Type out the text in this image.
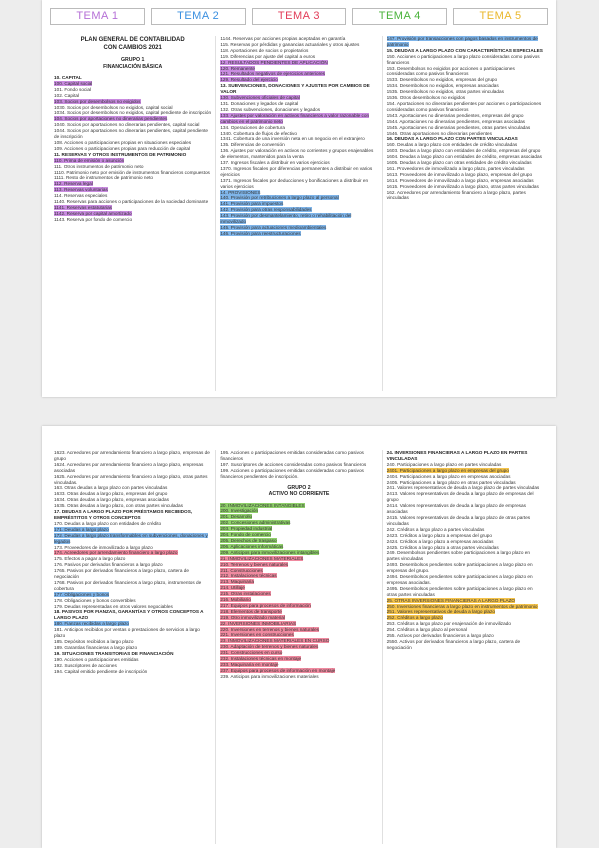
TEMA 1	TEMA 2	TEMA 3	TEMA 4	TEMA 5
PLAN GENERAL DE CONTABILIDAD
CON CAMBIOS 2021
GRUPO 1
FINANCIACIÓN BÁSICA
10. CAPITAL
100. Capital social
101. Fondo social
102. Capital
103. Socios por desembolsos no exigidos
1030. Socios por desembolsos no exigidos, capital social
1034. Socios por desembolsos no exigidos, capital pendiente de inscripción
104. Socios por aportaciones no dinerarias pendientes
1040. Socios por aportaciones no dinerarias pendientes, capital social
1044. Socios por aportaciones no dinerarias pendientes, capital pendiente de inscripción
108. Acciones o participaciones propias en situaciones especiales
109. Acciones o participaciones propias para reducción de capital
11. RESERVAS Y OTROS INSTRUMENTOS DE PATRIMONIO
110. Prima de emisión o asunción
111. Otros instrumentos de patrimonio neto
1110. Patrimonio neto por emisión de instrumentos financieros compuestos
1111. Resto de instrumentos de patrimonio neto
112. Reserva legal
113. Reservas voluntarias
114. Reservas especiales
1140. Reservas para acciones o participaciones de la sociedad dominante
1141. Reservas estatutarias
1142. Reserva por capital amortizado
1143. Reserva por fondo de comercio
1144. Reservas por acciones propias aceptadas en garantía
115. Reservas por pérdidas y ganancias actuariales y otros ajustes
118. Aportaciones de socios o propietarios
119. Diferencias por ajuste del capital a euros
12. RESULTADOS PENDIENTES DE APLICACIÓN
120. Remanente
121. Resultados negativos de ejercicios anteriores
129. Resultado del ejercicio
13. SUBVENCIONES, DONACIONES Y AJUSTES POR CAMBIOS DE VALOR
130. Subvenciones oficiales de capital
131. Donaciones y legados de capital
132. Otras subvenciones, donaciones y legados
133. Ajustes por valoración en activos financieros a valor razonable con cambios en el patrimonio neto
134. Operaciones de cobertura
1340. Cobertura de flujos de efectivo
1341. Cobertura de una inversión neta en un negocio en el extranjero
135. Diferencias de conversión
136. Ajustes por valoración en activos no corrientes y grupos enajenables de elementos, mantenidos para la venta
137. Ingresos fiscales a distribuir en varios ejercicios
1370. Ingresos fiscales por diferencias permanentes a distribuir en varios ejercicios
1371. Ingresos fiscales por deducciones y bonificaciones a distribuir en varios ejercicios
14. PROVISIONES
140. Provisión por retribuciones a largo plazo al personal
141. Provisión para impuestos
142. Provisión para otras responsabilidades
143. Provisión por desmantelamiento, retiro o rehabilitación del inmovilizado
145. Provisión para actuaciones medioambientales
146. Provisión para reestructuraciones
147. Provisión por transacciones con pagos basados en instrumentos de patrimonio
15. DEUDAS A LARGO PLAZO CON CARACTERÍSTICAS ESPECIALES
150. Acciones o participaciones a largo plazo consideradas como pasivos financieros
153. Desembolsos no exigidos por acciones o participaciones consideradas como pasivos financieros
1533. Desembolsos no exigidos, empresas del grupo
1534. Desembolsos no exigidos, empresas asociadas
1535. Desembolsos no exigidos, otras partes vinculadas
1536. Otros desembolsos no exigidos
154. Aportaciones no dinerarias pendientes por acciones o participaciones consideradas como pasivos financieros
1543. Aportaciones no dinerarias pendientes, empresas del grupo
1544. Aportaciones no dinerarias pendientes, empresas asociadas
1545. Aportaciones no dinerarias pendientes, otras partes vinculadas
1546. Otras aportaciones no dinerarias pendientes
16. DEUDAS A LARGO PLAZO CON PARTES VINCULADAS
160. Deudas a largo plazo con entidades de crédito vinculadas
1603. Deudas a largo plazo con entidades de crédito, empresas del grupo
1604. Deudas a largo plazo con entidades de crédito, empresas asociadas
1605. Deudas a largo plazo con otras entidades de crédito vinculadas
161. Proveedores de inmovilizado a largo plazo, partes vinculadas
1613. Proveedores de inmovilizado a largo plazo, empresas del grupo
1614. Proveedores de inmovilizado a largo plazo, empresas asociadas
1615. Proveedores de inmovilizado a largo plazo, otras partes vinculadas
162. Acreedores por arrendamiento financiero a largo plazo, partes vinculadas
1623. Acreedores por arrendamiento financiero a largo plazo, empresas de grupo
1624. Acreedores por arrendamiento financiero a largo plazo, empresas asociadas
1625. Acreedores por arrendamiento financiero a largo plazo, otras partes vinculadas.
163. Otras deudas a largo plazo con partes vinculadas
1633. Otras deudas a largo plazo, empresas del grupo
1634. Otras deudas a largo plazo, empresas asociadas
1635. Otras deudas a largo plazo, con otras partes vinculadas
17. DEUDAS A LARGO PLAZO POR PRÉSTAMOS RECIBIDOS, EMPRÉSTITOS Y OTROS CONCEPTOS
170. Deudas a largo plazo con entidades de crédito
171. Deudas a largo plazo
172. Deudas a largo plazo transformables en subvenciones, donaciones y legados
173. Proveedores de inmovilizado a largo plazo
174. Acreedores por arrendamiento financiero a largo plazo
175. Efectos a pagar a largo plazo
176. Pasivos por derivados financieros a largo plazo
1765. Pasivos por derivados financieros a largo plazo, cartera de negociación
1768. Pasivos por derivados financieros a largo plazo, instrumentos de cobertura
177. Obligaciones y bonos
178. Obligaciones y bonos convertibles
179. Deudas representadas en otros valores negociables
18. PASIVOS POR FIANZAS, GARANTÍAS Y OTROS CONCEPTOS A LARGO PLAZO
180. Fianzas recibidas a largo plazo
181. Anticipos recibidos por ventas o prestaciones de servicios a largo plazo
185. Depósitos recibidos a largo plazo
189. Garantías financieras a largo plazo
19. SITUACIONES TRANSITORIAS DE FINANCIACIÓN
190. Acciones o participaciones emitidas
192. Suscriptores de acciones
194. Capital emitido pendiente de inscripción
195. Acciones o participaciones emitidas consideradas como pasivos financieros
197. Suscriptores de acciones consideradas como pasivos financieros
199. Acciones o participaciones emitidas consideradas como pasivos financieros pendientes de inscripción.
GRUPO 2
ACTIVO NO CORRIENTE
20. INMOVILIZACIONES INTANGIBLES
200. Investigación
201. Desarrollo
202. Concesiones administrativas
203. Propiedad industrial
204. Fondo de comercio
205. Derechos de traspaso
206. Aplicaciones informáticas
209. Anticipos para inmovilizaciones intangibles
21. INMOVILIZACIONES MATERIALES
210. Terrenos y bienes naturales
211. Construcciones
212. Instalaciones técnicas
213. Maquinaria
214. Utillaje
215. Otras instalaciones
216. Mobiliario
217. Equipos para procesos de información
218. Elementos de transporte
219. Otro inmovilizado material
22. INVERSIONES INMOBILIARIAS
220. Inversiones en terrenos y bienes naturales
221. Inversiones en construcciones
23. INMOVILIZACIONES MATERIALES EN CURSO
230. Adaptación de terrenos y bienes naturales
231. Construcciones en curso
232. Instalaciones técnicas en montaje
233. Maquinaria en montaje
237. Equipos para procesos de información en montaje
239. Anticipos para inmovilizaciones materiales
24. INVERSIONES FINANCIERAS A LARGO PLAZO EN PARTES VINCULADAS
240. Participaciones a largo plazo en partes vinculadas
2401. Participaciones a largo plazo en empresas del grupo
2404. Participaciones a largo plazo en empresas asociadas
2405. Participaciones a largo plazo en otras partes vinculadas
241. Valores representativos de deuda a largo plazo de partes vinculadas
2413. Valores representativos de deuda a largo plazo de empresas del grupo
2414. Valores representativos de deuda a largo plazo de empresas asociadas
2415. Valores representativos de deuda a largo plazo de otras partes vinculadas
242. Créditos a largo plazo a partes vinculadas
2423. Créditos a largo plazo a empresas del grupo
2424. Créditos a largo plazo a empresas asociadas
2425. Créditos a largo plazo a otras partes vinculadas
249. Desembolsos pendientes sobre participaciones a largo plazo en partes vinculadas
2493. Desembolsos pendientes sobre participaciones a largo plazo en empresas del grupo.
2494. Desembolsos pendientes sobre participaciones a largo plazo en empresas asociadas.
2495. Desembolsos pendientes sobre participaciones a largo plazo en otras partes vinculadas
25. OTRAS INVERSIONES FINANCIERAS A LARGO PLAZO
250. Inversiones financieras a largo plazo en instrumentos de patrimonio
251. Valores representativos de deuda a largo plazo
252. Créditos a largo plazo
253. Créditos a largo plazo por enajenación de inmovilizado
254. Créditos a largo plazo al personal
255. Activos por derivados financieros a largo plazo
2550. Activos por derivados financieros a largo plazo, cartera de negociación
